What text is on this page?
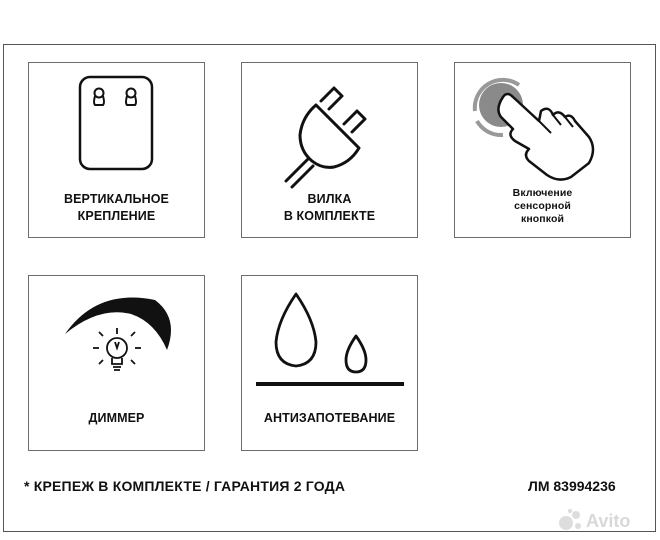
ВЕРТИКАЛЬНОЕ
КРЕПЛЕНИЕ
ВИЛКА
В КОМПЛЕКТЕ
Включение
сенсорной
кнопкой
ДИММЕР	АНТИЗАПОТЕВАНИЕ
* КРЕПЕЖ В КОМПЛЕКТЕ / ГАРАНТИЯ 2 ГОДА	ЛМ 83994236
Avito
